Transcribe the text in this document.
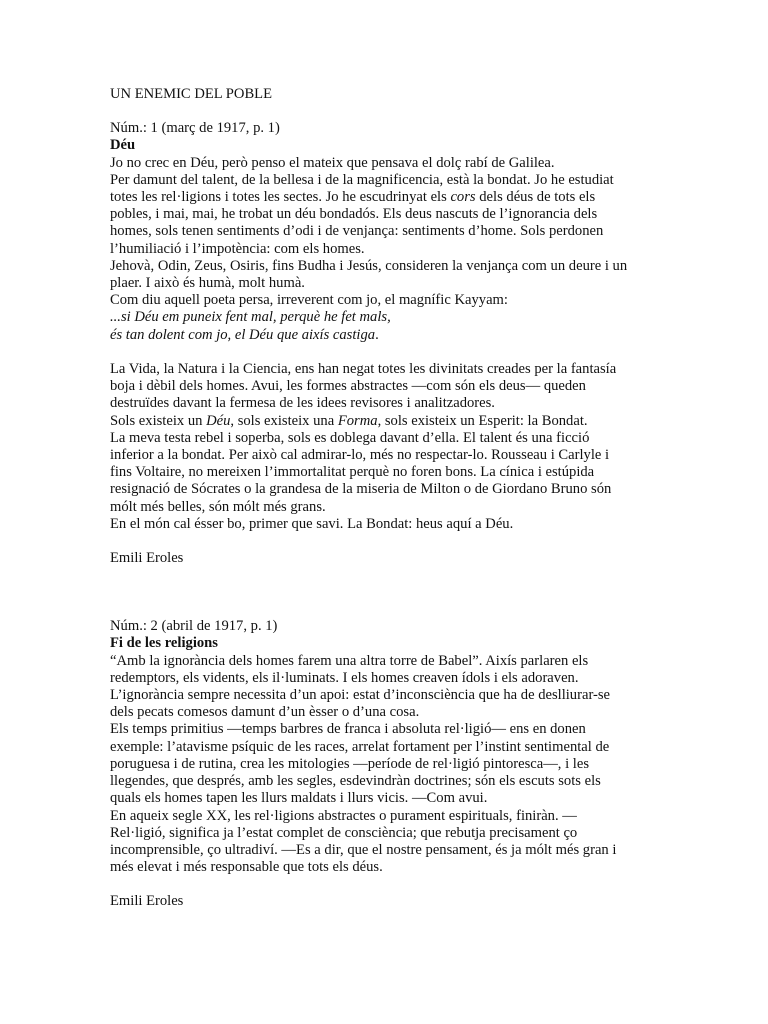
UN ENEMIC DEL POBLE

Núm.: 1 (març de 1917, p. 1)

Déu

Jo no crec en Déu, però penso el mateix que pensava el dolç rabí de Galilea.

Per damunt del talent, de la bellesa i de la magnificencia, està la bondat. Jo he estudiat

totes les rel·ligions i totes les sectes. Jo he escudrinyat els cors dels déus de tots els

pobles, i mai, mai, he trobat un déu bondadós. Els deus nascuts de l’ignorancia dels

homes, sols tenen sentiments d’odi i de venjança: sentiments d’home. Sols perdonen

l’humiliació i l’impotència: com els homes.

Jehovà, Odin, Zeus, Osiris, fins Budha i Jesús, consideren la venjança com un deure i un

plaer. I això és humà, molt humà.

Com diu aquell poeta persa, irreverent com jo, el magnífic Kayyam:

...si Déu em puneix fent mal, perquè he fet mals,

és tan dolent com jo, el Déu que aixís castiga.

La Vida, la Natura i la Ciencia, ens han negat totes les divinitats creades per la fantasía

boja i dèbil dels homes. Avui, les formes abstractes —com són els deus— queden

destruïdes davant la fermesa de les idees revisores i analitzadores.

Sols existeix un Déu, sols existeix una Forma, sols existeix un Esperit: la Bondat.

La meva testa rebel i soperba, sols es doblega davant d’ella. El talent és una ficció

inferior a la bondat. Per això cal admirar-lo, més no respectar-lo. Rousseau i Carlyle i

fins Voltaire, no mereixen l’immortalitat perquè no foren bons. La cínica i estúpida

resignació de Sócrates o la grandesa de la miseria de Milton o de Giordano Bruno són

mólt més belles, són mólt més grans.

En el món cal ésser bo, primer que savi. La Bondat: heus aquí a Déu.

Emili Eroles

Núm.: 2 (abril de 1917, p. 1)

Fi de les religions

“Amb la ignorància dels homes farem una altra torre de Babel”. Aixís parlaren els

redemptors, els vidents, els il·luminats. I els homes creaven ídols i els adoraven.

L’ignorància sempre necessita d’un apoi: estat d’inconsciència que ha de deslliurar-se

dels pecats comesos damunt d’un èsser o d’una cosa.

Els temps primitius —temps barbres de franca i absoluta rel·ligió— ens en donen

exemple: l’atavisme psíquic de les races, arrelat fortament per l’instint sentimental de

poruguesa i de rutina, crea les mitologies —període de rel·ligió pintoresca—, i les

llegendes, que després, amb les segles, esdevindràn doctrines; són els escuts sots els

quals els homes tapen les llurs maldats i llurs vicis. —Com avui.

En aqueix segle XX, les rel·ligions abstractes o purament espirituals, finiràn. —

Rel·ligió, significa ja l’estat complet de consciència; que rebutja precisament ço

incomprensible, ço ultradiví. —Es a dir, que el nostre pensament, és ja mólt més gran i

més elevat i més responsable que tots els déus.

Emili Eroles
